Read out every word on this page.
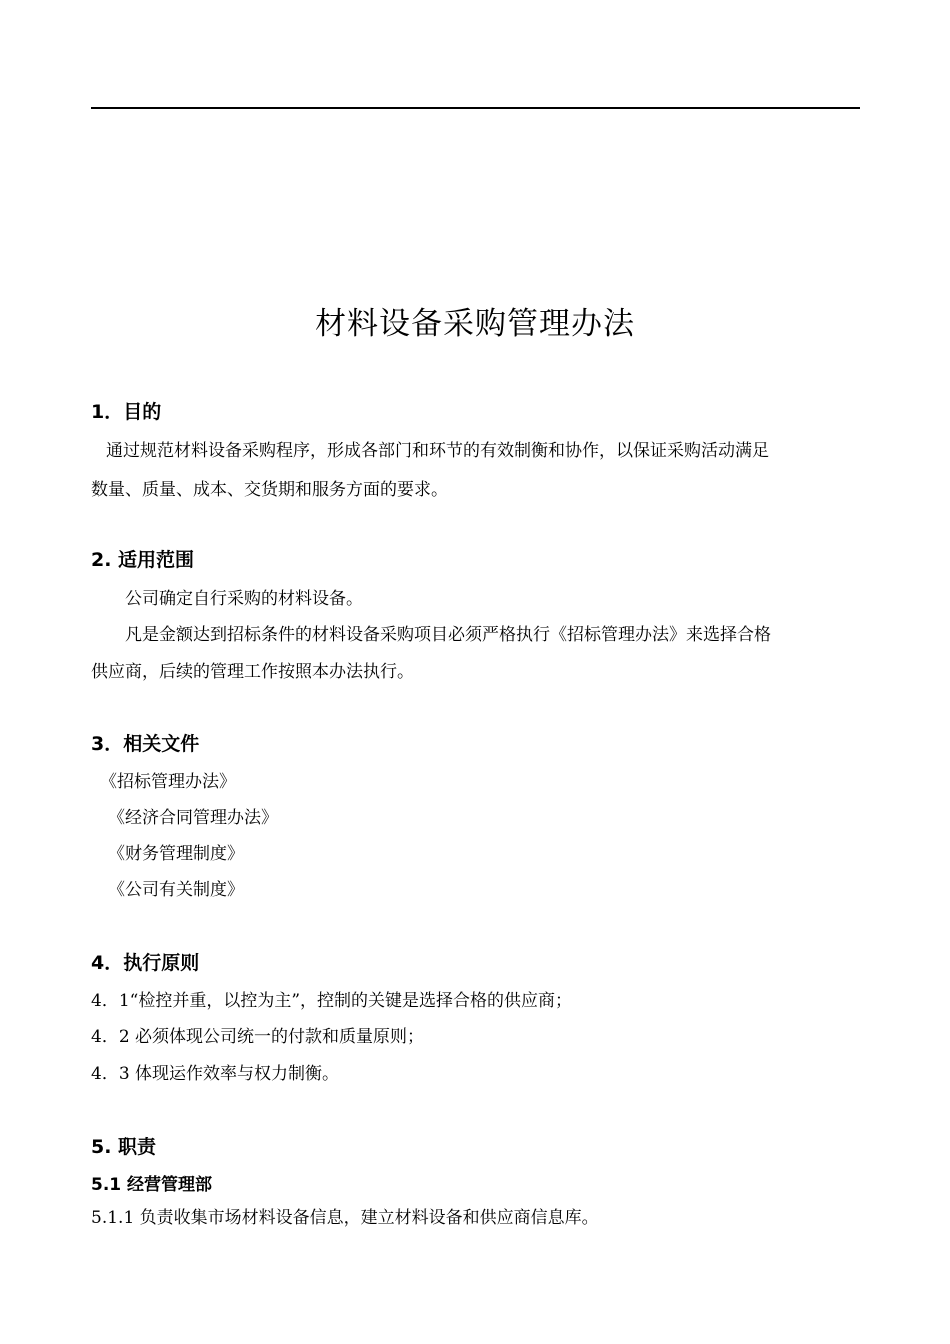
材料设备采购管理办法
1．目的
通过规范材料设备采购程序，形成各部门和环节的有效制衡和协作，以保证采购活动满足
数量、质量、成本、交货期和服务方面的要求。
2. 适用范围
公司确定自行采购的材料设备。
凡是金额达到招标条件的材料设备采购项目必须严格执行《招标管理办法》来选择合格
供应商，后续的管理工作按照本办法执行。
3．相关文件
《招标管理办法》
《经济合同管理办法》
《财务管理制度》
《公司有关制度》
4．执行原则
4．1“检控并重，以控为主”，控制的关键是选择合格的供应商；
4．2 必须体现公司统一的付款和质量原则；
4．3 体现运作效率与权力制衡。
5. 职责
5.1 经营管理部
5.1.1 负责收集市场材料设备信息，建立材料设备和供应商信息库。
